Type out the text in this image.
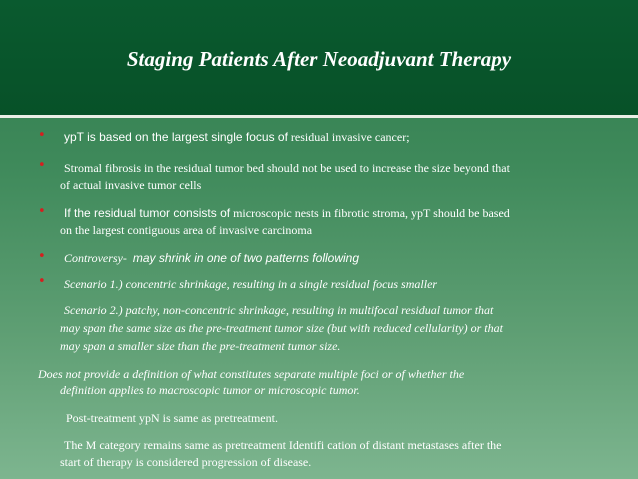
Staging Patients After Neoadjuvant Therapy
• ypT is based on the largest single focus of residual invasive cancer;
• Stromal fibrosis in the residual tumor bed should not be used to increase the size beyond that
of actual invasive tumor cells
• If the residual tumor consists of microscopic nests in fibrotic stroma, ypT should be based
on the largest contiguous area of invasive carcinoma
• Controversy- may shrink in one of two patterns following
• Scenario 1.) concentric shrinkage, resulting in a single residual focus smaller
Scenario 2.) patchy, non-concentric shrinkage, resulting in multifocal residual tumor that
may span the same size as the pre-treatment tumor size (but with reduced cellularity) or that
may span a smaller size than the pre-treatment tumor size.
Does not provide a definition of what constitutes separate multiple foci or of whether the
definition applies to macroscopic tumor or microscopic tumor.
Post-treatment ypN is same as pretreatment.
The M category remains same as pretreatment Identifi cation of distant metastases after the
start of therapy is considered progression of disease.
